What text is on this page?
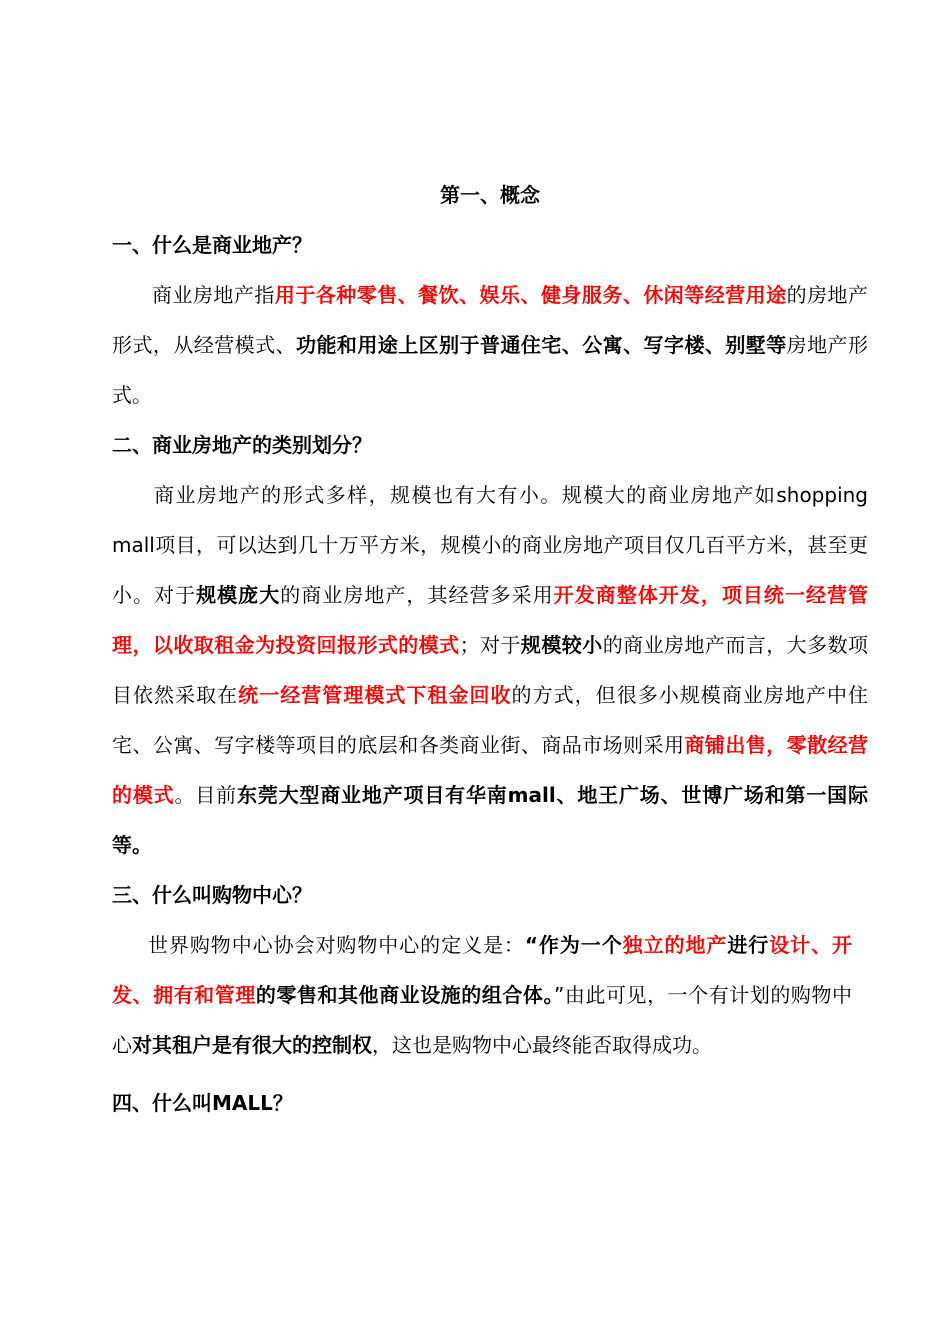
第一、概念

一、什么是商业地产？

商业房地产指用于各种零售、餐饮、娱乐、健身服务、休闲等经营用途的房地产形式，从经营模式、功能和用途上区别于普通住宅、公寓、写字楼、别墅等房地产形式。

二、商业房地产的类别划分？

商业房地产的形式多样，规模也有大有小。规模大的商业房地产如shopping mall项目，可以达到几十万平方米，规模小的商业房地产项目仅几百平方米，甚至更小。对于规模庞大的商业房地产，其经营多采用开发商整体开发，项目统一经营管理，以收取租金为投资回报形式的模式；对于规模较小的商业房地产而言，大多数项目依然采取在统一经营管理模式下租金回收的方式，但很多小规模商业房地产中住宅、公寓、写字楼等项目的底层和各类商业街、商品市场则采用商铺出售，零散经营的模式。目前东莞大型商业地产项目有华南mall、地王广场、世博广场和第一国际等。

三、什么叫购物中心？

世界购物中心协会对购物中心的定义是：“作为一个独立的地产进行设计、开发、拥有和管理的零售和其他商业设施的组合体。”由此可见，一个有计划的购物中心对其租户是有很大的控制权，这也是购物中心最终能否取得成功。

四、什么叫MALL？
